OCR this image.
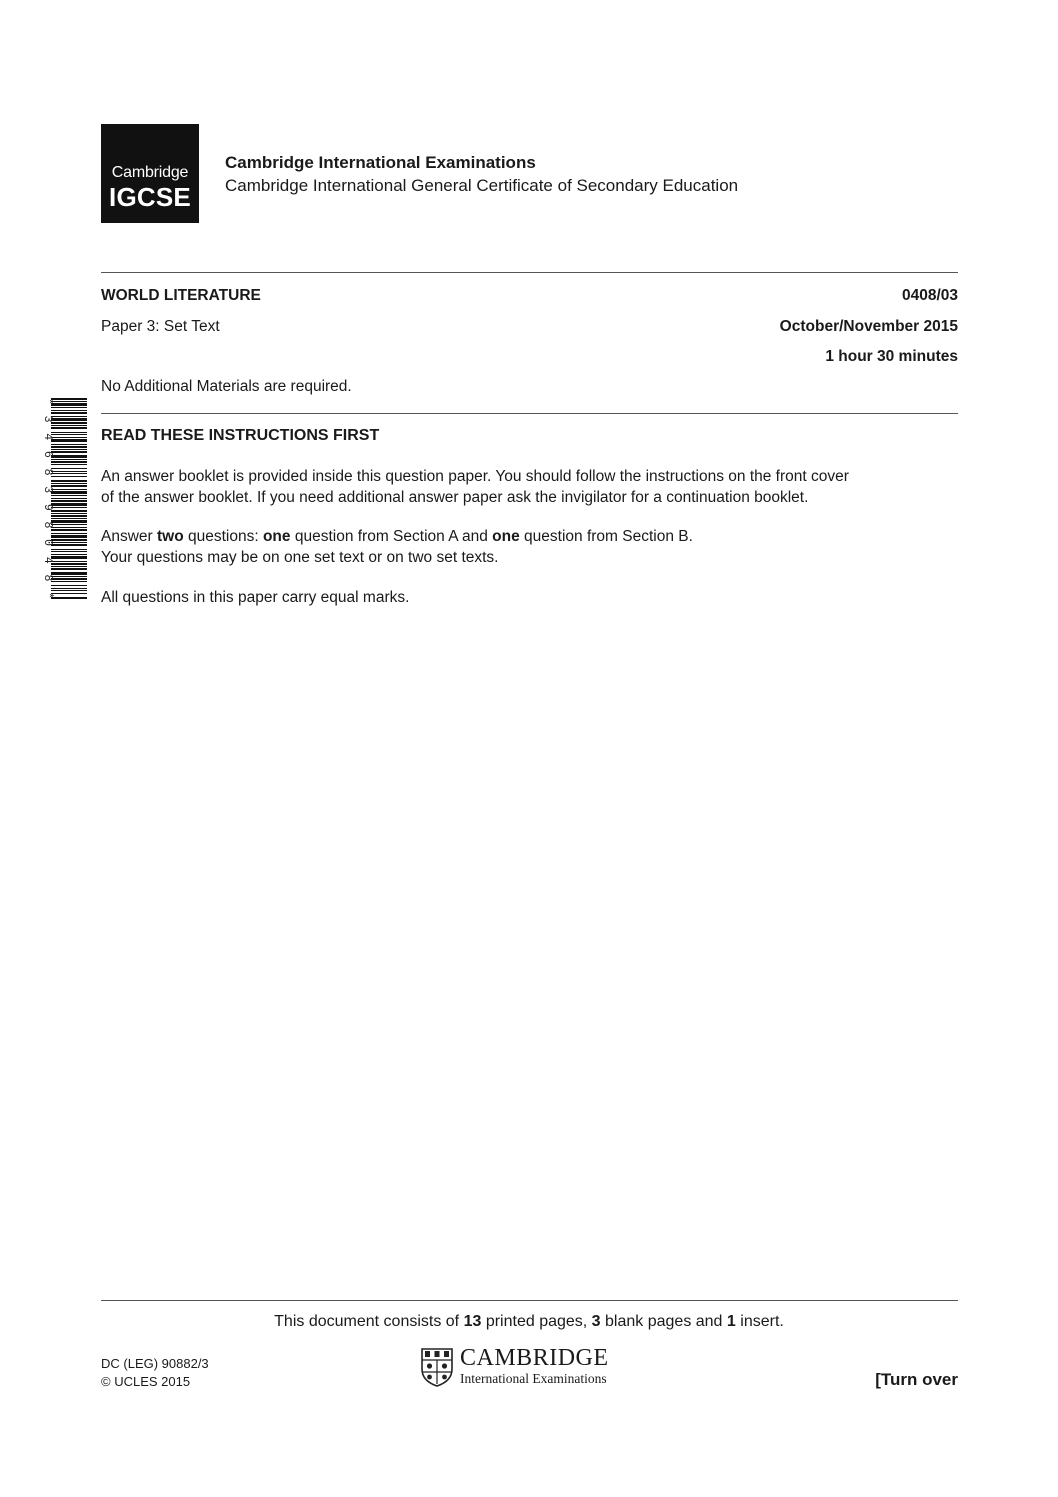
Cambridge
IGCSE
Cambridge International Examinations
Cambridge International General Certificate of Secondary Education
WORLD LITERATURE	0408/03
Paper 3: Set Text	October/November 2015
1 hour 30 minutes
No Additional Materials are required.
*3468398048*
READ THESE INSTRUCTIONS FIRST
An answer booklet is provided inside this question paper. You should follow the instructions on the front cover
of the answer booklet. If you need additional answer paper ask the invigilator for a continuation booklet.
Answer two questions: one question from Section A and one question from Section B.
Your questions may be on one set text or on two set texts.
All questions in this paper carry equal marks.
This document consists of 13 printed pages, 3 blank pages and 1 insert.
DC (LEG) 90882/3
© UCLES 2015
CAMBRIDGE
International Examinations	[Turn over
